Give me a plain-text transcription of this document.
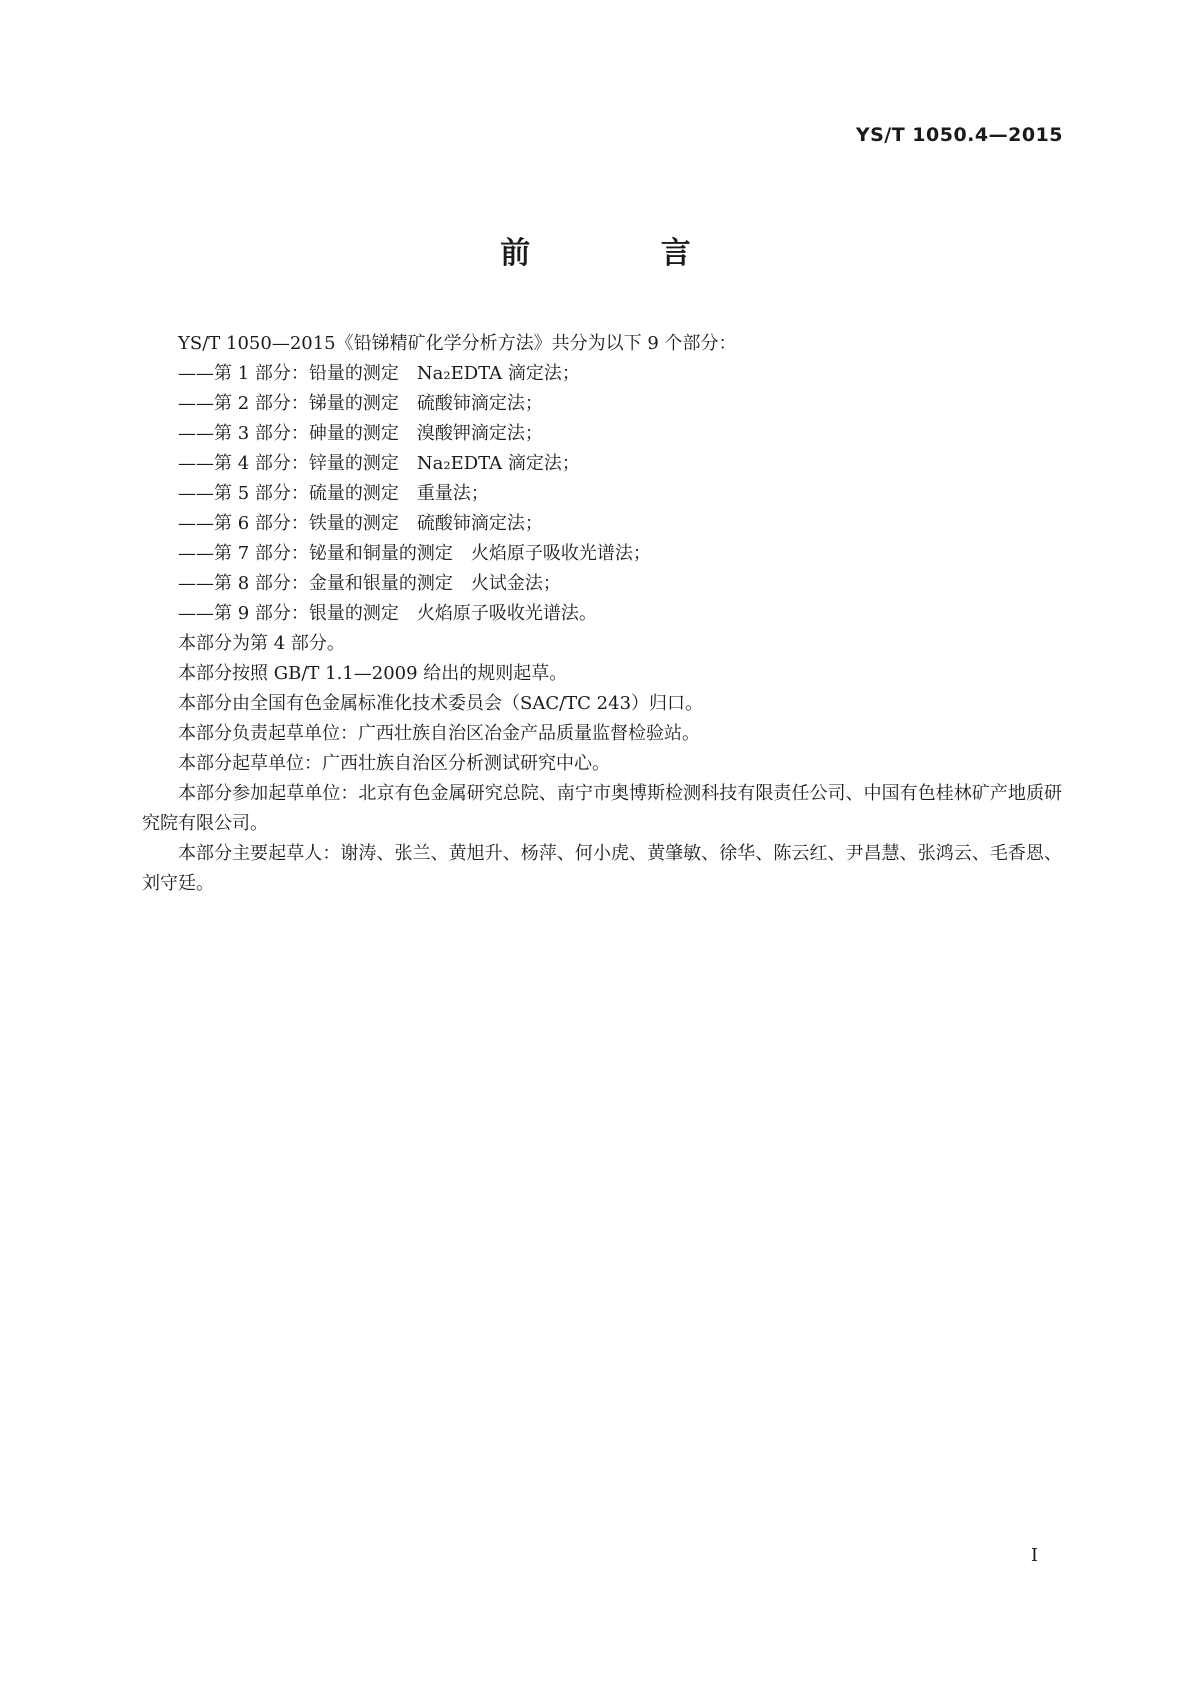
YS/T 1050.4—2015
前 言

YS/T 1050—2015《铅锑精矿化学分析方法》共分为以下 9 个部分：

——第 1 部分：铅量的测定　Na₂EDTA 滴定法；

——第 2 部分：锑量的测定　硫酸铈滴定法；

——第 3 部分：砷量的测定　溴酸钾滴定法；

——第 4 部分：锌量的测定　Na₂EDTA 滴定法；

——第 5 部分：硫量的测定　重量法；

——第 6 部分：铁量的测定　硫酸铈滴定法；

——第 7 部分：铋量和铜量的测定　火焰原子吸收光谱法；

——第 8 部分：金量和银量的测定　火试金法；

——第 9 部分：银量的测定　火焰原子吸收光谱法。

本部分为第 4 部分。

本部分按照 GB/T 1.1—2009 给出的规则起草。

本部分由全国有色金属标准化技术委员会（SAC/TC 243）归口。

本部分负责起草单位：广西壮族自治区冶金产品质量监督检验站。

本部分起草单位：广西壮族自治区分析测试研究中心。

本部分参加起草单位：北京有色金属研究总院、南宁市奥博斯检测科技有限责任公司、中国有色桂林矿产地质研究院有限公司。

本部分主要起草人：谢涛、张兰、黄旭升、杨萍、何小虎、黄肇敏、徐华、陈云红、尹昌慧、张鸿云、毛香恩、刘守廷。

I
